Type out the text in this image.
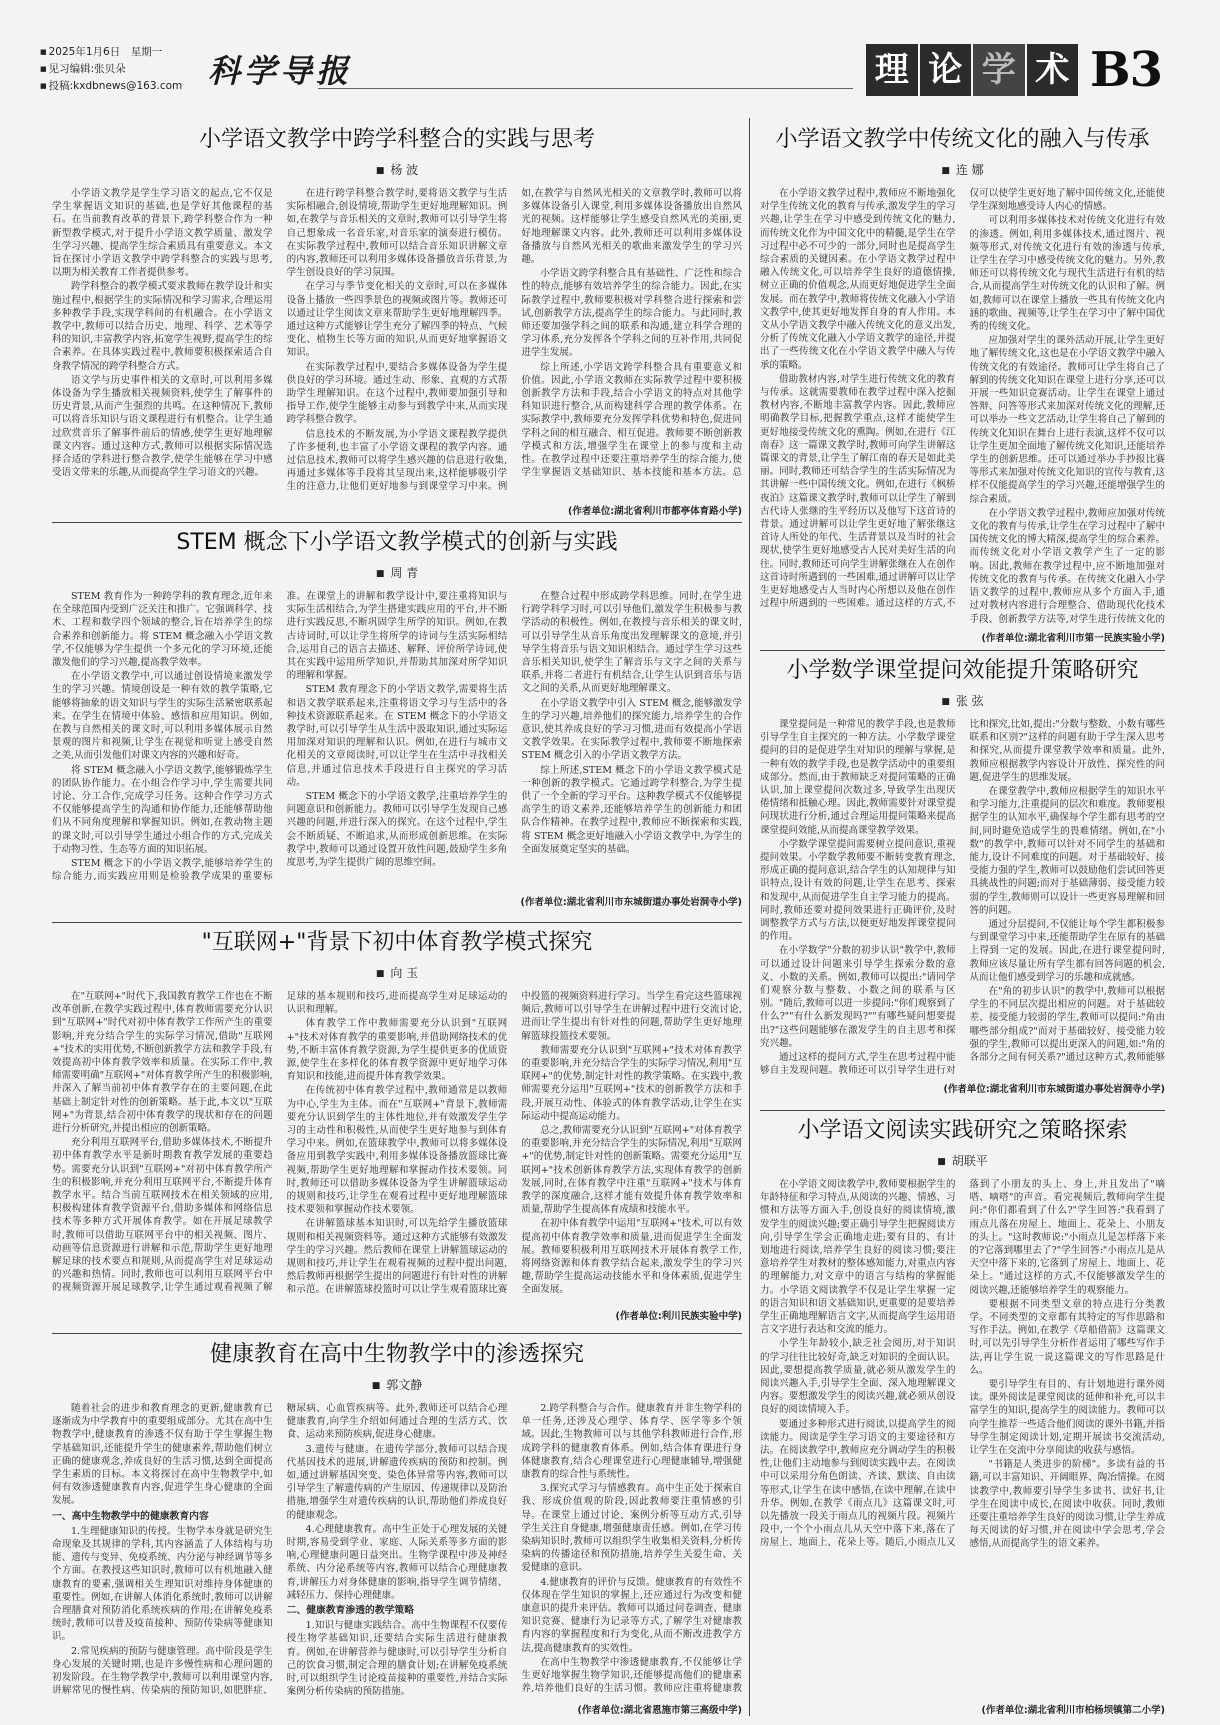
■ 2025年1月6日　星期一
■ 见习编辑:张贝朵
■ 投稿:kxdbnews@163.com 科学导报	理 论 学 术 B3
小学语文教学中跨学科整合的实践与思考
■ 杨 波

小学语文教学是学生学习语文的起点,它不仅是学生掌握语文知识的基础,也是学好其他课程的基石。在当前教育改革的背景下,跨学科整合作为一种新型教学模式,对于提升小学语文教学质量、激发学生学习兴趣、提高学生综合素质具有重要意义。本文旨在探讨小学语文教学中跨学科整合的实践与思考,以期为相关教育工作者提供参考。

跨学科整合的教学模式要求教师在教学设计和实施过程中,根据学生的实际情况和学习需求,合理运用多种教学手段,实现学科间的有机融合。在小学语文教学中,教师可以结合历史、地理、科学、艺术等学科的知识,丰富教学内容,拓宽学生视野,提高学生的综合素养。在具体实践过程中,教师要积极探索适合自身教学情况的跨学科整合方式。

语文学与历史事件相关的文章时,可以利用多媒体设备为学生播放相关视频资料,使学生了解事件的历史背景,从而产生强烈的共鸣。在这种情况下,教师可以将音乐知识与语文课程进行有机整合。让学生通过欣赏音乐了解事件前后的情感,使学生更好地理解课文内容。通过这种方式,教师可以根据实际情况选择合适的学科进行整合教学,使学生能够在学习中感受语文带来的乐趣,从而提高学生学习语文的兴趣。

在进行跨学科整合教学时,要将语文教学与生活实际相融合,创设情境,帮助学生更好地理解知识。例如,在教学与音乐相关的文章时,教师可以引导学生将自己想象成一名音乐家,对音乐家的演奏进行模仿。在实际教学过程中,教师可以结合音乐知识讲解文章的内容,教师还可以利用多媒体设备播放音乐背景,为学生创设良好的学习氛围。

在学习与季节变化相关的文章时,可以在多媒体设备上播放一些四季景色的视频或图片等。教师还可以通过让学生阅读文章来帮助学生更好地理解四季。通过这种方式能够让学生充分了解四季的特点、气候变化、植物生长等方面的知识,从而更好地掌握语文知识。

在实际教学过程中,要结合多媒体设备为学生提供良好的学习环境。通过生动、形象、直观的方式帮助学生理解知识。在这个过程中,教师要加强引导和指导工作,使学生能够主动参与到教学中来,从而实现跨学科整合教学。

信息技术的不断发展,为小学语文课程教学提供了许多便利,也丰富了小学语文课程的教学内容。通过信息技术,教师可以将学生感兴趣的信息进行收集,再通过多媒体等手段将其呈现出来,这样能够吸引学生的注意力,让他们更好地参与到课堂学习中来。例如,在教学与自然风光相关的文章教学时,教师可以将多媒体设备引入课堂,利用多媒体设备播放出自然风光的视频。这样能够让学生感受自然风光的美丽,更好地理解课文内容。此外,教师还可以利用多媒体设备播放与自然风光相关的歌曲来激发学生的学习兴趣。

小学语文跨学科整合具有基础性、广泛性和综合性的特点,能够有效培养学生的综合能力。因此,在实际教学过程中,教师要积极对学科整合进行探索和尝试,创新教学方法,提高学生的综合能力。与此同时,教师还要加强学科之间的联系和沟通,建立科学合理的学习体系,充分发挥各个学科之间的互补作用,共同促进学生发展。

综上所述,小学语文跨学科整合具有重要意义和价值。因此,小学语文教师在实际教学过程中要积极创新教学方法和手段,结合小学语文的特点对其他学科知识进行整合,从而构建科学合理的教学体系。在实际教学中,教师要充分发挥学科优势和特色,促进同学科之间的相互融合、相互促进。教师要不断创新教学模式和方法,增强学生在课堂上的参与度和主动性。在教学过程中还要注重培养学生的综合能力,使学生掌握语文基础知识、基本技能和基本方法。总

(作者单位:湖北省利川市都亭体育路小学)
小学语文教学中传统文化的融入与传承
■ 连 娜

在小学语文教学过程中,教师应不断地强化对学生传统文化的教育与传承,激发学生的学习兴趣,让学生在学习中感受到传统文化的魅力,而传统文化作为中国文化中的精髓,是学生在学习过程中必不可少的一部分,同时也是提高学生综合素质的关键因素。在小学语文教学过程中融入传统文化,可以培养学生良好的道德情操,树立正确的价值观念,从而更好地促进学生全面发展。而在教学中,教师将传统文化融入小学语文教学中,使其更好地发挥自身的育人作用。本文从小学语文教学中融入传统文化的意义出发,分析了传统文化融入小学语文教学的途径,并提出了一些传统文化在小学语文教学中融入与传承的策略。

借助教材内容,对学生进行传统文化的教育与传承。这就需要教师在教学过程中深入挖掘教材内容,不断地丰富教学内容。因此,教师应明确教学目标,把握教学重点,这样才能使学生更好地接受传统文化的熏陶。例如,在进行《江南春》这一篇课文教学时,教师可向学生讲解这篇课文的背景,让学生了解江南的春天是如此美丽。同时,教师还可结合学生的生活实际情况为其讲解一些中国传统文化。例如,在进行《枫桥夜泊》这篇课文教学时,教师可以让学生了解到古代诗人张继的生平经历以及他写下这首诗的背景。通过讲解可以让学生更好地了解张继这首诗人所处的年代、生活背景以及当时的社会现状,使学生更好地感受古人民对美好生活的向往。同时,教师还可向学生讲解张继在人在创作这首诗时所遇到的一些困难,通过讲解可以让学生更好地感受古人当时内心所想以及他在创作过程中所遇到的一些困难。通过这样的方式,不仅可以使学生更好地了解中国传统文化,还能使学生深刻地感受诗人内心的情感。

可以利用多媒体技术对传统文化进行有效的渗透。例如,利用多媒体技术,通过图片、视频等形式,对传统文化进行有效的渗透与传承,让学生在学习中感受传统文化的魅力。另外,教师还可以将传统文化与现代生活进行有机的结合,从而提高学生对传统文化的认识和了解。例如,教师可以在课堂上播放一些具有传统文化内涵的歌曲、视频等,让学生在学习中了解中国优秀的传统文化。

应加强对学生的课外活动开展,让学生更好地了解传统文化,这也是在小学语文教学中融入传统文化的有效途径。教师可让学生将自己了解到的传统文化知识在课堂上进行分享,还可以开展一些知识竞赛活动。让学生在课堂上通过答辩、问答等形式来加深对传统文化的理解,还可以举办一些文艺活动,让学生将自己了解到的传统文化知识在舞台上进行表演,这样不仅可以让学生更加全面地了解传统文化知识,还能培养学生的创新思维。还可以通过举办手抄报比赛等形式来加强对传统文化知识的宣传与教育,这样不仅能提高学生的学习兴趣,还能增强学生的综合素质。

在小学语文教学过程中,教师应加强对传统文化的教育与传承,让学生在学习过程中了解中国传统文化的博大精深,提高学生的综合素养。而传统文化对小学语文教学产生了一定的影响。因此,教师在教学过程中,应不断地加强对传统文化的教育与传承。在传统文化融入小学语文教学的过程中,教师应从多个方面入手,通过对教材内容进行合理整合、借助现代化技术手段、创新教学方法等,对学生进行传统文化的

(作者单位:湖北省利川市第一民族实验小学)
STEM 概念下小学语文教学模式的创新与实践
■ 周 青

STEM 教育作为一种跨学科的教育理念,近年来在全球范围内受到广泛关注和推广。它强调科学、技术、工程和数学四个领域的整合,旨在培养学生的综合素养和创新能力。将 STEM 概念融入小学语文教学,不仅能够为学生提供一个多元化的学习环境,还能激发他们的学习兴趣,提高教学效率。

在小学语文教学中,可以通过创设情境来激发学生的学习兴趣。情境创设是一种有效的教学策略,它能够将抽象的语文知识与学生的实际生活紧密联系起来。在学生在情境中体验、感悟和应用知识。例如,在教与自然相关的课文时,可以利用多媒体展示自然景观的图片和视频,让学生在视觉和听觉上感受自然之美,从而引发他们对课文内容的兴趣和好奇。

将 STEM 概念融入小学语文教学,能够锻炼学生的团队协作能力。在小组合作学习中,学生需要共同讨论、分工合作,完成学习任务。这种合作学习方式不仅能够提高学生的沟通和协作能力,还能够帮助他们从不同角度理解和掌握知识。例如,在教动物主题的课文时,可以引导学生通过小组合作的方式,完成关于动物习性、生态等方面的知识拓展。

STEM 概念下的小学语文教学,能够培养学生的综合能力,而实践应用则是检验教学成果的重要标准。在课堂上的讲解和教学设计中,要注重将知识与实际生活相结合,为学生搭建实践应用的平台,并不断进行实践反思,不断巩固学生所学的知识。例如,在教古诗词时,可以让学生将所学的诗词与生活实际相结合,运用自己的语言去描述、解释、评价所学诗词,使其在实践中运用所学知识,并帮助其加深对所学知识的理解和掌握。

STEM 教育理念下的小学语文教学,需要将生活和语文教学联系起来,注重将语文学习与生活中的各种技术资源联系起来。在 STEM 概念下的小学语文教学时,可以引导学生从生活中汲取知识,通过实际运用加深对知识的理解和认识。例如,在进行与城市文化相关的文章阅读时,可以让学生在生活中寻找相关信息,并通过信息技术手段进行自主探究的学习活动。

STEM 概念下的小学语文教学,注重培养学生的问题意识和创新能力。教师可以引导学生发现自己感兴趣的问题,并进行深入的探究。在这个过程中,学生会不断质疑、不断追求,从而形成创新思维。在实际教学中,教师可以通过设置开放性问题,鼓励学生多角度思考,为学生提供广阔的思维空间。

在整合过程中形成跨学科思维。同时,在学生进行跨学科学习时,可以引导他们,激发学生积极参与教学活动的积极性。例如,在教授与音乐相关的课文时,可以引导学生从音乐角度出发理解课文的意境,并引导学生将音乐与语文知识相结合。通过学生学习这些音乐相关知识,使学生了解音乐与文字之间的关系与联系,并将二者进行有机结合,让学生认识到音乐与语文之间的关系,从而更好地理解课文。

在小学语文教学中引入 STEM 概念,能够激发学生的学习兴趣,培养他们的探究能力,培养学生的合作意识,使其养成良好的学习习惯,进而有效提高小学语文教学效果。在实际教学过程中,教师要不断地探索 STEM 概念引入的小学语文教学方法。

综上所述,STEM 概念下的小学语文教学模式是一种创新的教学模式。它通过跨学科整合,为学生提供了一个全新的学习平台。这种教学模式不仅能够提高学生的语文素养,还能够培养学生的创新能力和团队合作精神。在教学过程中,教师应不断探索和实践,将 STEM 概念更好地融入小学语文教学中,为学生的全面发展奠定坚实的基础。

(作者单位:湖北省利川市东城街道办事处岩洞寺小学)
小学数学课堂提问效能提升策略研究
■ 张 弦

课堂提问是一种常见的教学手段,也是教师引导学生自主探究的一种方法。小学数学课堂提问的目的是促进学生对知识的理解与掌握,是一种有效的教学手段,也是教学活动中的重要组成部分。然而,由于教师缺乏对提问策略的正确认识,加上课堂提问次数过多,导致学生出现厌倦情绪和抵触心理。因此,教师需要针对课堂提问现状进行分析,通过合理运用提问策略来提高课堂提问效能,从而提高课堂教学效果。

小学数学课堂提问需要树立提问意识,重视提问效果。小学数学教师要不断转变教育理念,形成正确的提问意识,结合学生的认知规律与知识特点,设计有效的问题,让学生在思考、探索和发现中,从而促进学生自主学习能力的提高。同时,教师还要对提问效果进行正确评价,及时调整教学方式与方法,以便更好地发挥课堂提问的作用。

在小学数学"分数的初步认识"教学中,教师可以通过设计问题来引导学生探索分数的意义、小数的关系。例如,教师可以提出:"请同学们观察分数与整数、小数之间的联系与区别。"随后,教师可以进一步提问:"你们观察到了什么?""有什么新发现吗?""有哪些疑问想要提出?"这些问题能够在激发学生的自主思考和探究兴趣。

通过这样的提问方式,学生在思考过程中能够自主发现问题。教师还可以引导学生进行对比和探究,比如,提出:"分数与整数、小数有哪些联系和区别?"这样的问题有助于学生深入思考和探究,从而提升课堂教学效率和质量。此外,教师应根据教学内容设计开放性、探究性的问题,促进学生的思维发展。

在课堂教学中,教师应根据学生的知识水平和学习能力,注重提问的层次和难度。教师要根据学生的认知水平,确保每个学生都有思考的空间,同时避免造成学生的畏难情绪。例如,在"小数"的教学中,教师可以针对不同学生的基础和能力,设计不同难度的问题。对于基础较好、接受能力强的学生,教师可以鼓励他们尝试回答更具挑战性的问题;而对于基础薄弱、接受能力较弱的学生,教师则可以设计一些更容易理解和回答的问题。

通过分层提问,不仅能让每个学生都积极参与到课堂学习中来,还能帮助学生在原有的基础上得到一定的发展。因此,在进行课堂提问时,教师应该尽量让所有学生都有回答问题的机会,从而让他们感受到学习的乐趣和成就感。

在"角的初步认识"的教学中,教师可以根据学生的不同层次提出相应的问题。对于基础较差、接受能力较弱的学生,教师可以提问:"角由哪些部分组成?"而对于基础较好、接受能力较强的学生,教师可以提出更深入的问题,如:"角的各部分之间有何关系?"通过这种方式,教师能够

(作者单位:湖北省利川市东城街道办事处岩洞寺小学)
"互联网+"背景下初中体育教学模式探究
■ 向 玉

在"互联网+"时代下,我国教育教学工作也在不断改革创新,在教学实践过程中,体育教师需要充分认识到"互联网+"时代对初中体育教学工作所产生的重要影响,并充分结合学生的实际学习情况,借助"互联网+"技术的实用优势,不断创新教学方法和教学手段,有效提高初中体育教学效率和质量。在实际工作中,教师需要明确"互联网+"对体育教学所产生的积极影响,并深入了解当前初中体育教学存在的主要问题,在此基础上制定针对性的创新策略。基于此,本文以"互联网+"为背景,结合初中体育教学的现状和存在的问题进行分析研究,并提出相应的创新策略。

充分利用互联网平台,借助多媒体技术,不断提升初中体育教学水平是新时期教育教学发展的重要趋势。需要充分认识到"互联网+"对初中体育教学所产生的积极影响,并充分利用互联网平台,不断提升体育教学水平。结合当前互联网技术在相关领域的应用,积极构建体育教学资源平台,借助多媒体和网络信息技术等多种方式开展体育教学。如在开展足球教学时,教师可以借助互联网平台中的相关视频、图片、动画等信息资源进行讲解和示范,帮助学生更好地理解足球的技术要点和规则,从而提高学生对足球运动的兴趣和热情。同时,教师也可以利用互联网平台中的视频资源开展足球教学,让学生通过观看视频了解足球的基本规则和技巧,进而提高学生对足球运动的认识和理解。

体育教学工作中教师需要充分认识到"互联网+"技术对体育教学的重要影响,并借助网络技术的优势,不断丰富体育教学资源,为学生提供更多的优质资源,使学生在多样化的体育教学资源中更好地学习体育知识和技能,进而提升体育教学效果。

在传统初中体育教学过程中,教师通常是以教师为中心,学生为主体。而在"互联网+"背景下,教师需要充分认识到学生的主体性地位,并有效激发学生学习的主动性和积极性,从而使学生更好地参与到体育学习中来。例如,在篮球教学中,教师可以将多媒体设备应用到教学实践中,利用多媒体设备播放篮球比赛视频,帮助学生更好地理解和掌握动作技术要领。同时,教师还可以借助多媒体设备为学生讲解篮球运动的规则和技巧,让学生在观看过程中更好地理解篮球技术要领和掌握动作技术要领。

在讲解篮球基本知识时,可以先给学生播放篮球规则和相关视频资料等。通过这种方式能够有效激发学生的学习兴趣。然后教师在课堂上讲解篮球运动的规则和技巧,并让学生在观看视频的过程中提出问题,然后教师再根据学生提出的问题进行有针对性的讲解和示范。在讲解篮球投篮时可以让学生观看篮球比赛中投篮的视频资料进行学习。当学生看完这些篮球视频后,教师可以引导学生在讲解过程中进行交流讨论,进而让学生提出有针对性的问题,帮助学生更好地理解篮球投篮技术要领。

教师需要充分认识到"互联网+"技术对体育教学的重要影响,并充分结合学生的实际学习情况,利用"互联网+"的优势,制定针对性的教学策略。在实践中,教师需要充分运用"互联网+"技术的创新教学方法和手段,开展互动性、体验式的体育教学活动,让学生在实际运动中提高运动能力。

总之,教师需要充分认识到"互联网+"对体育教学的重要影响,并充分结合学生的实际情况,利用"互联网+"的优势,制定针对性的创新策略。需要充分运用"互联网+"技术创新体育教学方法,实现体育教学的创新发展,同时,在体育教学中注重"互联网+"技术与体育教学的深度融合,这样才能有效提升体育教学效率和质量,帮助学生提高体育成绩和技能水平。

在初中体育教学中运用"互联网+"技术,可以有效提高初中体育教学效率和质量,进而促进学生全面发展。教师要积极利用互联网技术开展体育教学工作,将网络资源和体育教学结合起来,激发学生的学习兴趣,帮助学生提高运动技能水平和身体素质,促进学生全面发展。

(作者单位:利川民族实验中学)
健康教育在高中生物教学中的渗透探究
■ 郭文静

随着社会的进步和教育理念的更新,健康教育已逐渐成为中学教育中的重要组成部分。尤其在高中生物教学中,健康教育的渗透不仅有助于学生掌握生物学基础知识,还能提升学生的健康素养,帮助他们树立正确的健康观念,养成良好的生活习惯,达到全面提高学生素质的目标。本文将探讨在高中生物教学中,如何有效渗透健康教育内容,促进学生身心健康的全面发展。

一、高中生物教学中的健康教育内容

1.生理健康知识的传授。生物学本身就是研究生命现象及其规律的学科,其内容涵盖了人体结构与功能、遗传与变异、免疫系统、内分泌与神经调节等多个方面。在教授这些知识时,教师可以有机地融入健康教育的要素,强调相关生理知识对维持身体健康的重要性。例如,在讲解人体消化系统时,教师可以讲解合理膳食对预防消化系统疾病的作用;在讲解免疫系统时,教师可以普及疫苗接种、预防传染病等健康知识。

2.常见疾病的预防与健康管理。高中阶段是学生身心发展的关键时期,也是许多慢性病和心理问题的初发阶段。在生物学教学中,教师可以利用课堂内容,讲解常见的慢性病、传染病的预防知识,如肥胖症、糖尿病、心血管疾病等。此外,教师还可以结合心理健康教育,向学生介绍如何通过合理的生活方式、饮食、运动来预防疾病,促进身心健康。

3.遗传与健康。在遗传学部分,教师可以结合现代基因技术的进展,讲解遗传疾病的预防和控制。例如,通过讲解基因突变、染色体异常等内容,教师可以引导学生了解遗传病的产生原因、传递规律以及防治措施,增强学生对遗传疾病的认识,帮助他们养成良好的健康观念。

4.心理健康教育。高中生正处于心理发展的关键时期,容易受到学业、家庭、人际关系等多方面的影响,心理健康问题日益突出。生物学课程中涉及神经系统、内分泌系统等内容,教师可以结合心理健康教育,讲解压力对身体健康的影响,指导学生调节情绪、减轻压力、保持心理健康。

二、健康教育渗透的教学策略

1.知识与健康实践结合。高中生物课程不仅要传授生物学基础知识,还要结合实际生活进行健康教育。例如,在讲解营养与健康时,可以引导学生分析自己的饮食习惯,制定合理的膳食计划;在讲解免疫系统时,可以组织学生讨论疫苗接种的重要性,并结合实际案例分析传染病的预防措施。

2.跨学科整合与合作。健康教育并非生物学科的单一任务,还涉及心理学、体育学、医学等多个领域。因此,生物教师可以与其他学科教师进行合作,形成跨学科的健康教育体系。例如,结合体育课进行身体健康教育,结合心理课堂进行心理健康辅导,增强健康教育的综合性与系统性。

3.探究式学习与情感教育。高中生正处于探索自我、形成价值观的阶段,因此教师要注重情感的引导。在课堂上通过讨论、案例分析等互动方式,引导学生关注自身健康,增强健康责任感。例如,在学习传染病知识时,教师可以组织学生收集相关资料,分析传染病的传播途径和预防措施,培养学生关爱生命、关爱健康的意识。

4.健康教育的评价与反馈。健康教育的有效性不仅体现在学生知识的掌握上,还应通过行为改变和健康意识的提升来评估。教师可以通过问卷调查、健康知识竞赛、健康行为记录等方式,了解学生对健康教育内容的掌握程度和行为变化,从而不断改进教学方法,提高健康教育的实效性。

在高中生物教学中渗透健康教育,不仅能够让学生更好地掌握生物学知识,还能够提高他们的健康素养,培养他们良好的生活习惯。教师应注重将健康教

(作者单位:湖北省恩施市第三高级中学)
小学语文阅读实践研究之策略探索
■ 胡联平

在小学语文阅读教学中,教师要根据学生的年龄特征和学习特点,从阅读的兴趣、情感、习惯和方法等方面入手,创设良好的阅读情境,激发学生的阅读兴趣;要正确引导学生把握阅读方向,引导学生学会正确地走进;要有目的、有计划地进行阅读,培养学生良好的阅读习惯;要注意培养学生对教材的整体感知能力,对重点内容的理解能力,对文章中的语言与结构的掌握能力。小学语文阅读教学不仅是让学生掌握一定的语言知识和语文基础知识,更重要的是要培养学生正确地理解语言文字,从而提高学生运用语言文字进行表达和交流的能力。

小学生年龄较小,缺乏社会阅历,对于知识的学习往往比较好奇,缺乏对知识的全面认识。因此,要想提高教学质量,就必须从激发学生的阅读兴趣入手,引导学生全面、深入地理解课文内容。要想激发学生的阅读兴趣,就必须从创设良好的阅读情境入手。

要通过多种形式进行阅读,以提高学生的阅读能力。阅读是学生学习语文的主要途径和方法。在阅读教学中,教师应充分调动学生的积极性,让他们主动地参与到阅读实践中去。在阅读中可以采用分角色朗读、齐读、默读、自由读等形式,让学生在读中感悟,在读中理解,在读中升华。例如,在教学《雨点儿》这篇课文时,可以先播放一段关于雨点儿的视频片段。视频片段中,一个个小雨点儿从天空中落下来,落在了房屋上、地面上、花朵上等。随后,小雨点儿又落到了小朋友的头上、身上,并且发出了"嘀嗒、嘀嗒"的声音。看完视频后,教师向学生提问:"你们都看到了什么?"学生回答:"我看到了雨点儿落在房屋上、地面上、花朵上、小朋友的头上。"这时教师说:"小雨点儿是怎样落下来的?它落到哪里去了?"学生回答:"小雨点儿是从天空中落下来的,它落到了房屋上、地面上、花朵上。"通过这样的方式,不仅能够激发学生的阅读兴趣,还能够培养学生的观察能力。

要根据不同类型文章的特点进行分类教学。不同类型的文章都有其特定的写作思路和写作手法。例如,在教学《草船借箭》这篇课文时,可以先引导学生分析作者运用了哪些写作手法,再让学生说一说这篇课文的写作思路是什么。

要引导学生有目的、有计划地进行课外阅读。课外阅读是课堂阅读的延伸和补充,可以丰富学生的知识,提高学生的阅读能力。教师可以向学生推荐一些适合他们阅读的课外书籍,并指导学生制定阅读计划,定期开展读书交流活动,让学生在交流中分享阅读的收获与感悟。

"书籍是人类进步的阶梯"。多读有益的书籍,可以丰富知识、开阔眼界、陶冶情操。在阅读教学中,教师要引导学生多读书、读好书,让学生在阅读中成长,在阅读中收获。同时,教师还要注重培养学生良好的阅读习惯,让学生养成每天阅读的好习惯,并在阅读中学会思考,学会感悟,从而提高学生的语文素养。

(作者单位:湖北省利川市柏杨坝镇第二小学)
